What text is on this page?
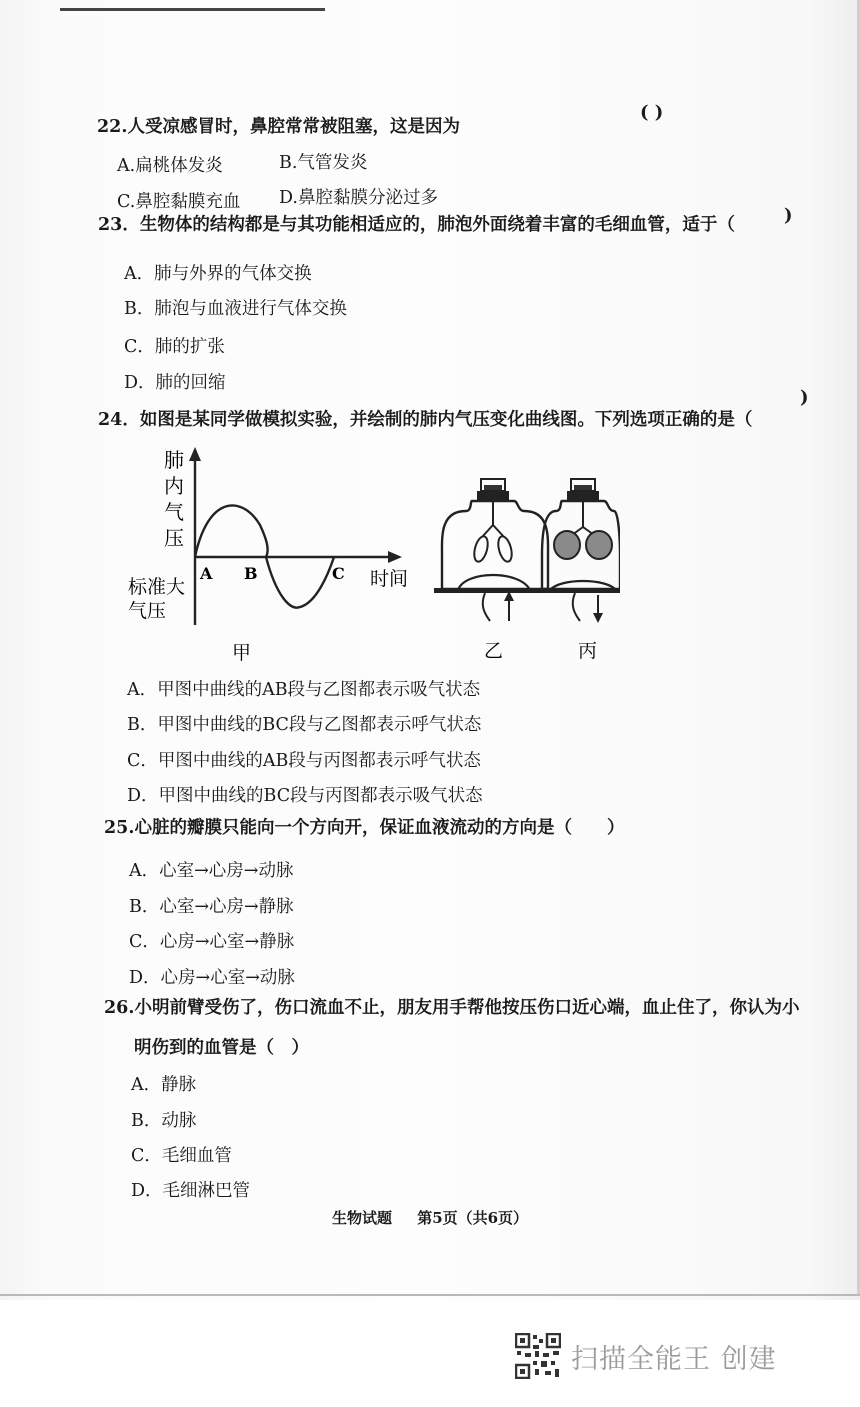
22.人受凉感冒时，鼻腔常常被阻塞，这是因为
( )
A.扁桃体发炎	B.气管发炎
C.鼻腔黏膜充血 D.鼻腔黏膜分泌过多
23．生物体的结构都是与其功能相适应的，肺泡外面绕着丰富的毛细血管，适于（	)
A．肺与外界的气体交换
B．肺泡与血液进行气体交换
C．肺的扩张
D．肺的回缩
24．如图是某同学做模拟实验，并绘制的肺内气压变化曲线图。下列选项正确的是（
)
肺
内
气
压
标准大
气压
A B	C 时间
甲	乙	丙
A．甲图中曲线的AB段与乙图都表示吸气状态
B．甲图中曲线的BC段与乙图都表示呼气状态
C．甲图中曲线的AB段与丙图都表示呼气状态
D．甲图中曲线的BC段与丙图都表示吸气状态
25.心脏的瓣膜只能向一个方向开，保证血液流动的方向是（　　）
A．心室→心房→动脉
B．心室→心房→静脉
C．心房→心室→静脉
D．心房→心室→动脉
26.小明前臂受伤了，伤口流血不止，朋友用手帮他按压伤口近心端，血止住了，你认为小
明伤到的血管是（　）
A．静脉
B．动脉
C．毛细血管
D．毛细淋巴管
生物试题 第5页（共6页）
扫描全能王 创建
